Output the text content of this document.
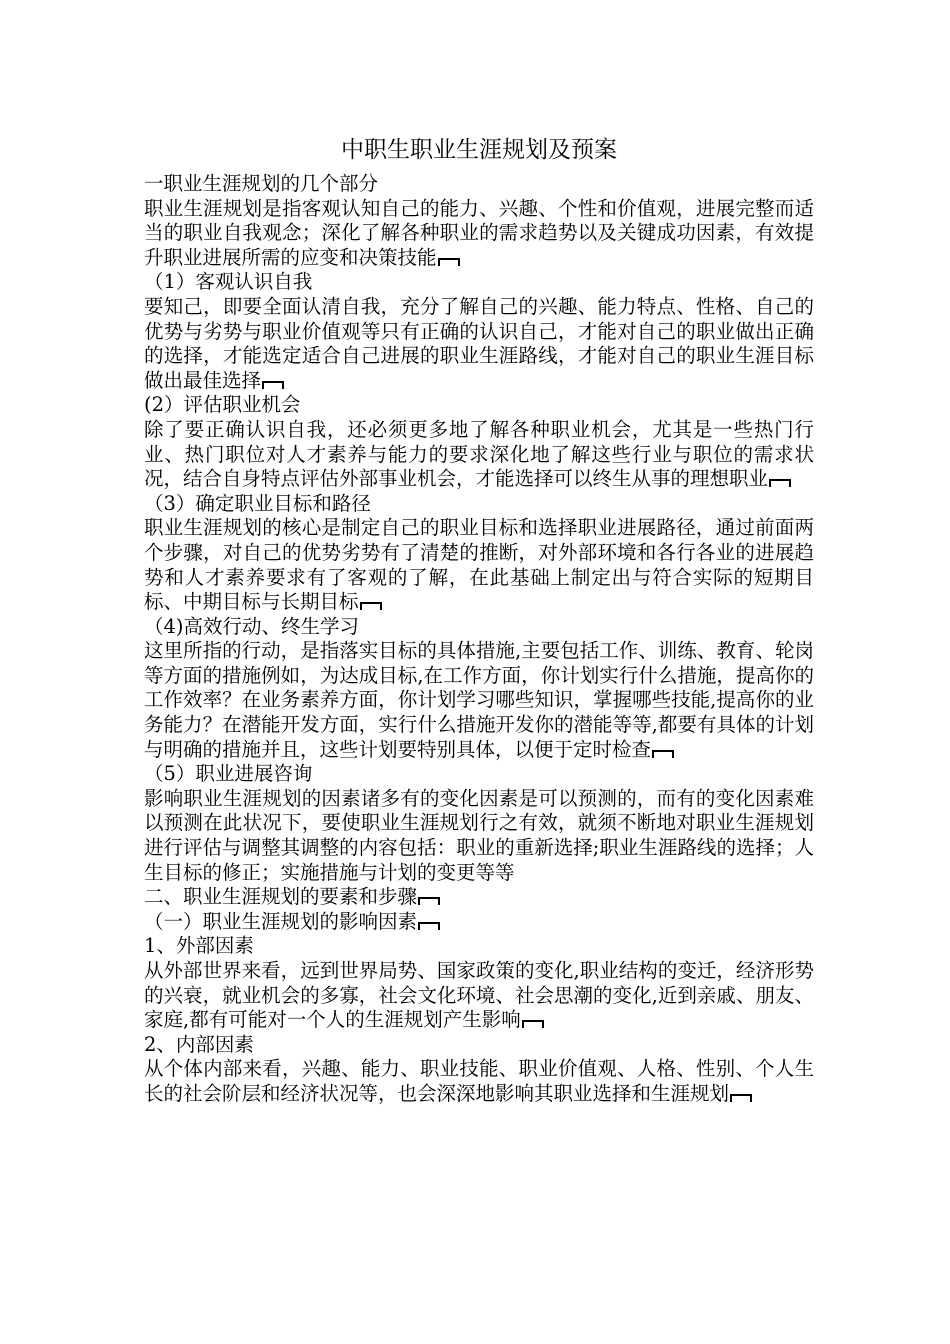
中职生职业生涯规划及预案

一职业生涯规划的几个部分

职业生涯规划是指客观认知自己的能力、兴趣、个性和价值观，进展完整而适当的职业自我观念；深化了解各种职业的需求趋势以及关键成功因素，有效提升职业进展所需的应变和决策技能

（1）客观认识自我

要知己，即要全面认清自我，充分了解自己的兴趣、能力特点、性格、自己的优势与劣势与职业价值观等只有正确的认识自己，才能对自己的职业做出正确的选择，才能选定适合自己进展的职业生涯路线，才能对自己的职业生涯目标做出最佳选择

(2）评估职业机会

除了要正确认识自我，还必须更多地了解各种职业机会，尤其是一些热门行业、热门职位对人才素养与能力的要求深化地了解这些行业与职位的需求状况，结合自身特点评估外部事业机会，才能选择可以终生从事的理想职业

（3）确定职业目标和路径

职业生涯规划的核心是制定自己的职业目标和选择职业进展路径，通过前面两个步骤，对自己的优势劣势有了清楚的推断，对外部环境和各行各业的进展趋势和人才素养要求有了客观的了解，在此基础上制定出与符合实际的短期目标、中期目标与长期目标

（4)高效行动、终生学习

这里所指的行动，是指落实目标的具体措施,主要包括工作、训练、教育、轮岗等方面的措施例如，为达成目标,在工作方面，你计划实行什么措施，提高你的工作效率？在业务素养方面，你计划学习哪些知识，掌握哪些技能,提高你的业务能力？在潜能开发方面，实行什么措施开发你的潜能等等,都要有具体的计划与明确的措施并且，这些计划要特别具体，以便于定时检查

（5）职业进展咨询

影响职业生涯规划的因素诸多有的变化因素是可以预测的，而有的变化因素难以预测在此状况下，要使职业生涯规划行之有效，就须不断地对职业生涯规划进行评估与调整其调整的内容包括：职业的重新选择;职业生涯路线的选择；人生目标的修正；实施措施与计划的变更等等

二、职业生涯规划的要素和步骤

（一）职业生涯规划的影响因素

1、外部因素

从外部世界来看，远到世界局势、国家政策的变化,职业结构的变迁，经济形势的兴衰，就业机会的多寡，社会文化环境、社会思潮的变化,近到亲戚、朋友、家庭,都有可能对一个人的生涯规划产生影响

2、内部因素

从个体内部来看，兴趣、能力、职业技能、职业价值观、人格、性别、个人生长的社会阶层和经济状况等，也会深深地影响其职业选择和生涯规划
